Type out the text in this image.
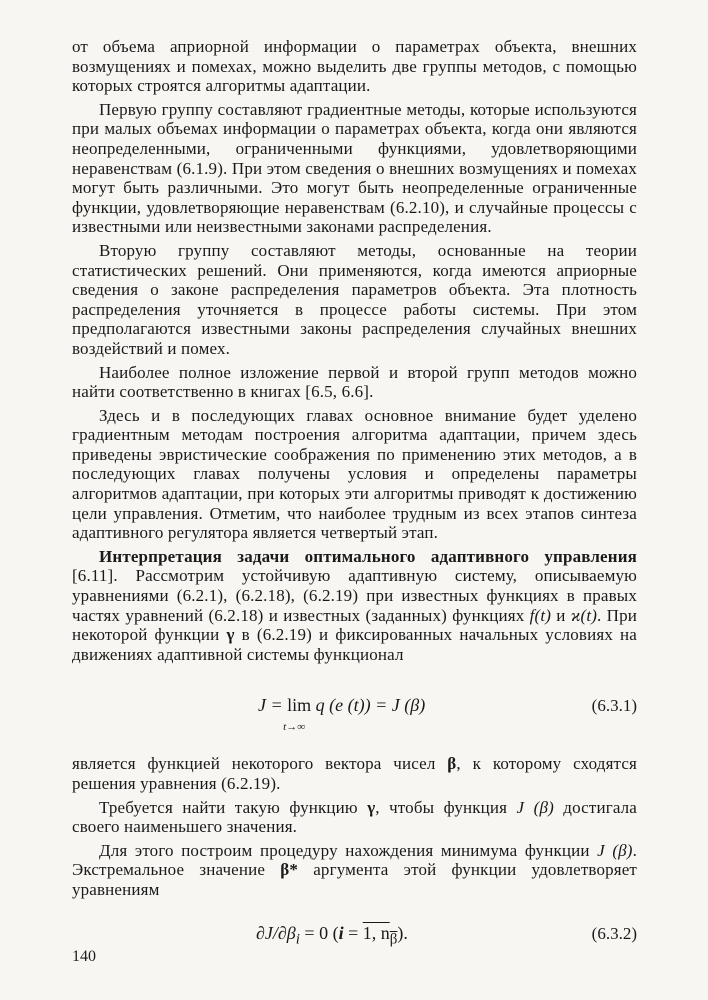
от объема априорной информации о параметрах объекта, внешних возмущениях и помехах, можно выделить две группы методов, с помощью которых строятся алгоритмы адаптации.

Первую группу составляют градиентные методы, которые используются при малых объемах информации о параметрах объекта, когда они являются неопределенными, ограниченными функциями, удовлетворяющими неравенствам (6.1.9). При этом сведения о внешних возмущениях и помехах могут быть различными. Это могут быть неопределенные ограниченные функции, удовлетворяющие неравенствам (6.2.10), и случайные процессы с известными или неизвестными законами распределения.

Вторую группу составляют методы, основанные на теории статистических решений. Они применяются, когда имеются априорные сведения о законе распределения параметров объекта. Эта плотность распределения уточняется в процессе работы системы. При этом предполагаются известными законы распределения случайных внешних воздействий и помех.

Наиболее полное изложение первой и второй групп методов можно найти соответственно в книгах [6.5, 6.6].

Здесь и в последующих главах основное внимание будет уделено градиентным методам построения алгоритма адаптации, причем здесь приведены эвристические соображения по применению этих методов, а в последующих главах получены условия и определены параметры алгоритмов адаптации, при которых эти алгоритмы приводят к достижению цели управления. Отметим, что наиболее трудным из всех этапов синтеза адаптивного регулятора является четвертый этап.

Интерпретация задачи оптимального адаптивного управления [6.11]. Рассмотрим устойчивую адаптивную систему, описываемую уравнениями (6.2.1), (6.2.18), (6.2.19) при известных функциях в правых частях уравнений (6.2.18) и известных (заданных) функциях f(t) и ϰ(t). При некоторой функции γ в (6.2.19) и фиксированных начальных условиях на движениях адаптивной системы функционал

J = lim
t→∞
q (e (t)) = J (β)	(6.3.1)

является функцией некоторого вектора чисел β, к которому сходятся решения уравнения (6.2.19).

Требуется найти такую функцию γ, чтобы функция J (β) достигала своего наименьшего значения.

Для этого построим процедуру нахождения минимума функции J (β). Экстремальное значение β* аргумента этой функции удовлетворяет уравнениям

$\partial J/\partial\beta_i = 0$ (i = 1, $n_\beta$).	(6.3.2)
140
